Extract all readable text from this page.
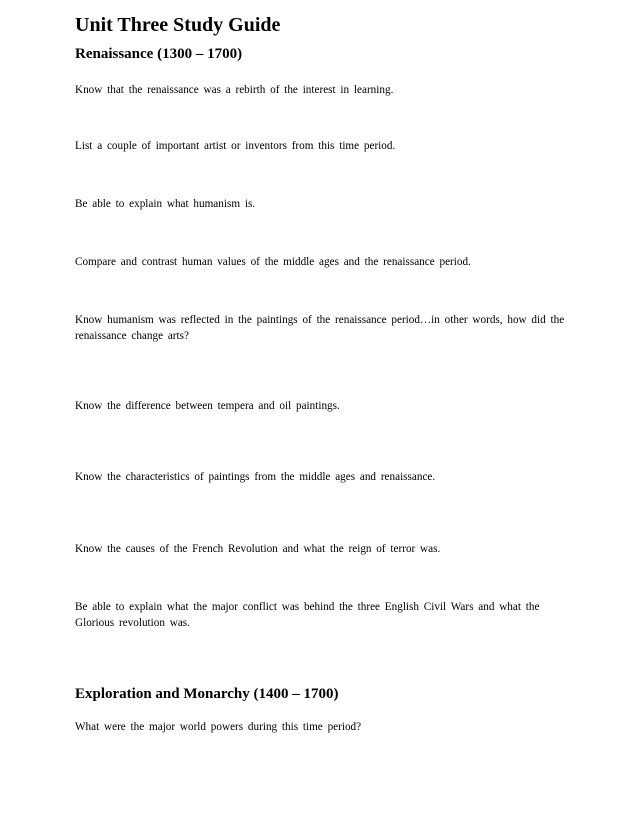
Unit Three Study Guide
Renaissance (1300 – 1700)

Know that the renaissance was a rebirth of the interest in learning.

List a couple of important artist or inventors from this time period.

Be able to explain what humanism is.

Compare and contrast human values of the middle ages and the renaissance period.

Know humanism was reflected in the paintings of the renaissance period…in other words, how did the renaissance change arts?

Know the difference between tempera and oil paintings.

Know the characteristics of paintings from the middle ages and renaissance.

Know the causes of the French Revolution and what the reign of terror was.

Be able to explain what the major conflict was behind the three English Civil Wars and what the Glorious revolution was.

Exploration and Monarchy (1400 – 1700)

What were the major world powers during this time period?
